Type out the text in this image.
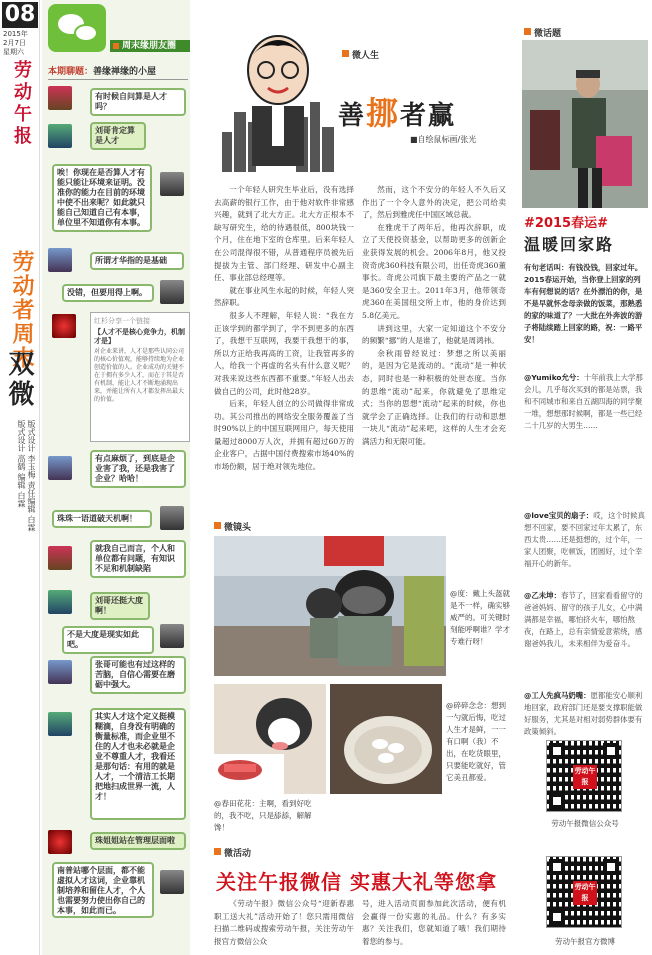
08
2015年
2月7日
星期六
劳动午报
劳动者周末
双微
版式设计 李玉梅 责任编辑 白霖 版式设计 高鹤 编辑 白霖
周末缘朋友圈
本期聊题：善缘禅缘的小屋
有时候自问算是人才吗？
刘哥肯定算是人才
唉！你现在是否算人才有能只能让环境来证明。没准你的能力在目前的环境中使不出来呢？如此就只能自己知道自己有本事，单位里不知道你有本事。
所谓才华指的是基础
没错，但要用得上啊。
红杉分享一个链接
【人才不是核心竞争力，机制才是】
对企业来讲，人才是那些认同公司的核心价值观，能够持续地为企业创造价值的人。企业成功的关键不在于拥有多少人才，而在于其是否有机制，能让人才不断地涌现出来，并能让所有人才都发挥出最大的价值。
有点麻烦了，到底是企业害了我，还是我害了企业？哈哈！
珠珠一语道破天机啊！
就我自己而言，个人和单位都有问题，有知识不足和机制缺陷
刘哥还挺大度啊！
不是大度是现实如此吧。
张哥可能也有过这样的苦脑，自信心需要在磨砺中强大。
其实人才这个定义挺模糊滴，自身没有明确的衡量标准，而企业里不住的人才也未必就是企业不尊重人才，我看还是那句话：有用的就是人才，一个清洁工长期把地扫成世界一流，人才！
珠姐姐站在管理层面啦
南普站哪个层面，都不能虚拟人才这词，企业靠机制培养和留住人才，个人也需要努力使出你自己的本事，如此而已。
微人生
善挪者赢
■自绘鼠标画/张光

一个年轻人研究生毕业后，没有选择去高薪的银行工作，由于他对软件非常感兴趣，就到了北大方正。北大方正根本不缺写研究生，给的待遇很低，800块钱一个月，住在地下室的仓库里。后来年轻人在公司混得很不错，从普通程序员被先后提拔为主管、部门经理、研发中心副主任、事业部总经理等。

就在事业风生水起的时候，年轻人突然辞职。

很多人不理解，年轻人说：“我在方正该学到的都学到了，学不到更多的东西了，我想干互联网，我要干我想干的事，所以方正给我再高的工资，让我管再多的人，给我一个再虚的名头有什么意义呢？对我来说这些东西都不重要。”年轻人出去做自己的公司，此时他28岁。

后来，年轻人创立的公司做得非常成功。其公司推出的网络安全服务覆盖了当时90%以上的中国互联网用户，每天使用量超过8000万人次，并拥有超过60万的企业客户，占据中国付费搜索市场40%的市场份额，居于绝对领先地位。

然而，这个不安分的年轻人不久后又作出了一个令人意外的决定，把公司给卖了，然后到雅虎任中国区域总裁。

在雅虎干了两年后，他再次辞职，成立了天使投资基金，以帮助更多的创新企业获得发展的机会。2006年8月，他又投资奇虎360科技有限公司，出任奇虎360董事长。奇虎公司旗下最主要的产品之一就是360安全卫士。2011年3月，他带领奇虎360在美国纽交所上市，他的身价达到5.8亿美元。

讲到这里，大家一定知道这个不安分的频繁“挪”的人是谁了，他就是周鸿祎。

余秋雨曾经说过：梦想之所以美丽的，是因为它是流动的。“流动”是一种状态，同时也是一种积极的处世态度。当你的思维“流动”起来，你就避免了思维定式；当你的思想“流动”起来的时候，你也就学会了正确选择。让我们的行动和思想一块儿“流动”起来吧，这样的人生才会充满活力和无限可能。

微镜头
@度：戴上头盔就是不一样，确实够威严的。可关键时刻能呼啊谁？学才专难行呀！
@碎碎念念：想到一勺就后悔，吃过人生才是鲜，一一有口啊（我）不出，在吃货眼里，只要能吃就好，管它美丑都爱。
@春田花花：主啊，看到好吃的，我不吃，只是舔舔，解解馋！
微活动
关注午报微信 实惠大礼等您拿
《劳动午报》微信公众号“迎新春惠职工送大礼”活动开始了！您只需用微信扫描二维码或搜索劳动午报，关注劳动午报官方微信公众
号，进入活动页面参加此次活动，便有机会赢得一份实惠的礼品。什么？有多实惠？关注我们，您就知道了哦！我们期待着您的参与。
微话题
#2015春运#
温暖回家路
有句老话叫：有钱没钱，回家过年。2015春运开始，当你登上回家的列车有何想说的话？在外漂泊的你，是不是早就怀念母亲做的饭菜，那熟悉的家的味道了？一大批在外奔波的游子将陆续踏上回家的路，祝：一路平安！
@Yumiko允兮：十年前我上大学那会儿，几乎每次买到的都是站票，我和不同城市和来自五湖四海的同学聚一堆，想想那时候啊，都是一些已经二十几岁的大男生……
@love宝贝的扇子：哎，这个时候真想不回家，要不回家过年太累了，东西太贵……还是挺想的，过个年，一家人团聚，吃顿饭，团圆好，过个幸福开心的新年。
@乙未坤：春节了，回家看看留守的爸爸妈妈、留守的孩子儿女，心中满满都是幸福，哪怕挤火车，哪怕熬夜，在路上，总有亲情爱意萦绕，感谢爸妈我儿，未来相伴为爱奋斗。
@工人先疯马奶嘴：愿都能安心顺利地回家，政府部门还是要支撑职能做好服务，尤其是对相对弱势群体要有政策倾斜。
劳动午报
劳动午报微信公众号
劳动午报
劳动午报官方微博
